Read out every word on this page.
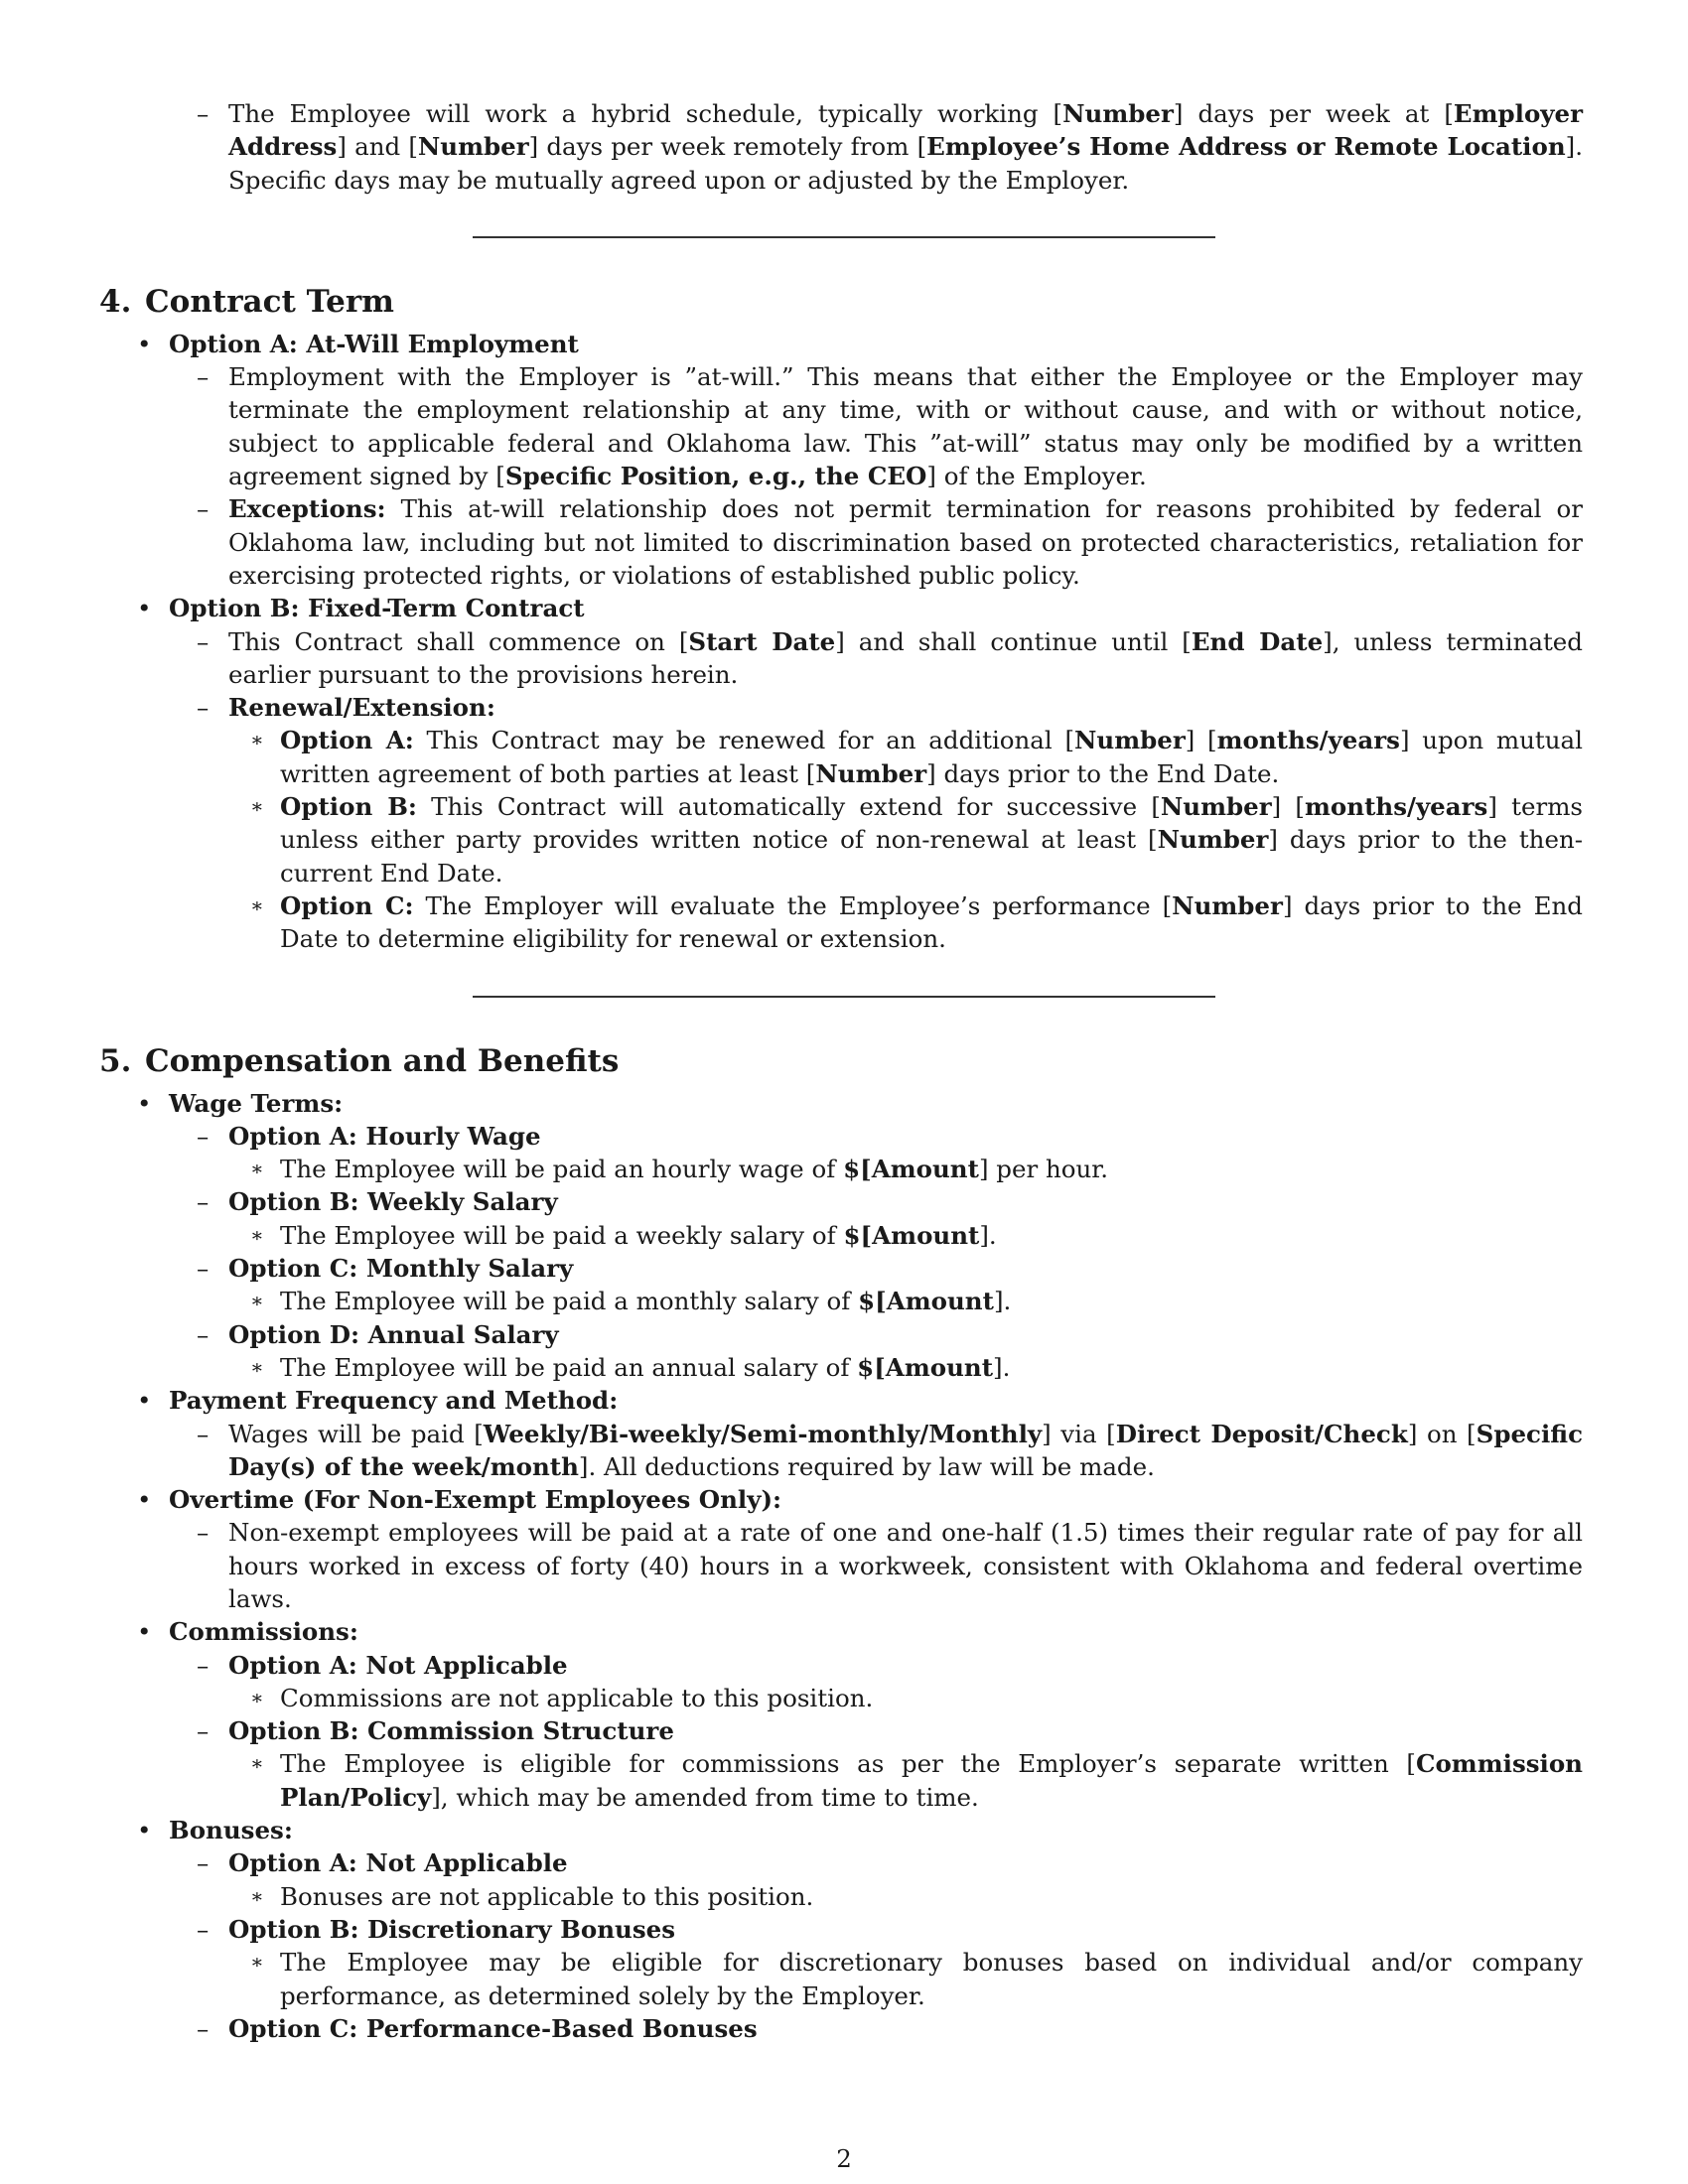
– The Employee will work a hybrid schedule, typically working [Number] days per week at [Employer Address] and [Number] days per week remotely from [Employee’s Home Address or Remote Location]. Specific days may be mutually agreed upon or adjusted by the Employer.
4. Contract Term
• Option A: At-Will Employment
– Employment with the Employer is ”at-will.” This means that either the Employee or the Employer may terminate the employment relationship at any time, with or without cause, and with or without notice, subject to applicable federal and Oklahoma law. This ”at-will” status may only be modified by a written agreement signed by [Specific Position, e.g., the CEO] of the Employer.
– Exceptions: This at-will relationship does not permit termination for reasons prohibited by federal or Oklahoma law, including but not limited to discrimination based on protected characteristics, retaliation for exercising protected rights, or violations of established public policy.
• Option B: Fixed-Term Contract
– This Contract shall commence on [Start Date] and shall continue until [End Date], unless terminated earlier pursuant to the provisions herein.
– Renewal/Extension:
∗ Option A: This Contract may be renewed for an additional [Number] [months/years] upon mutual written agreement of both parties at least [Number] days prior to the End Date.
∗ Option B: This Contract will automatically extend for successive [Number] [months/years] terms unless either party provides written notice of non-renewal at least [Number] days prior to the then-current End Date.
∗ Option C: The Employer will evaluate the Employee’s performance [Number] days prior to the End Date to determine eligibility for renewal or extension.
5. Compensation and Benefits
• Wage Terms:
– Option A: Hourly Wage
∗ The Employee will be paid an hourly wage of $[Amount] per hour.
– Option B: Weekly Salary
∗ The Employee will be paid a weekly salary of $[Amount].
– Option C: Monthly Salary
∗ The Employee will be paid a monthly salary of $[Amount].
– Option D: Annual Salary
∗ The Employee will be paid an annual salary of $[Amount].
• Payment Frequency and Method:
– Wages will be paid [Weekly/Bi-weekly/Semi-monthly/Monthly] via [Direct Deposit/Check] on [Specific Day(s) of the week/month]. All deductions required by law will be made.
• Overtime (For Non-Exempt Employees Only):
– Non-exempt employees will be paid at a rate of one and one-half (1.5) times their regular rate of pay for all hours worked in excess of forty (40) hours in a workweek, consistent with Oklahoma and federal overtime laws.
• Commissions:
– Option A: Not Applicable
∗ Commissions are not applicable to this position.
– Option B: Commission Structure
∗ The Employee is eligible for commissions as per the Employer’s separate written [Commission Plan/Policy], which may be amended from time to time.
• Bonuses:
– Option A: Not Applicable
∗ Bonuses are not applicable to this position.
– Option B: Discretionary Bonuses
∗ The Employee may be eligible for discretionary bonuses based on individual and/or company performance, as determined solely by the Employer.
– Option C: Performance-Based Bonuses
2
